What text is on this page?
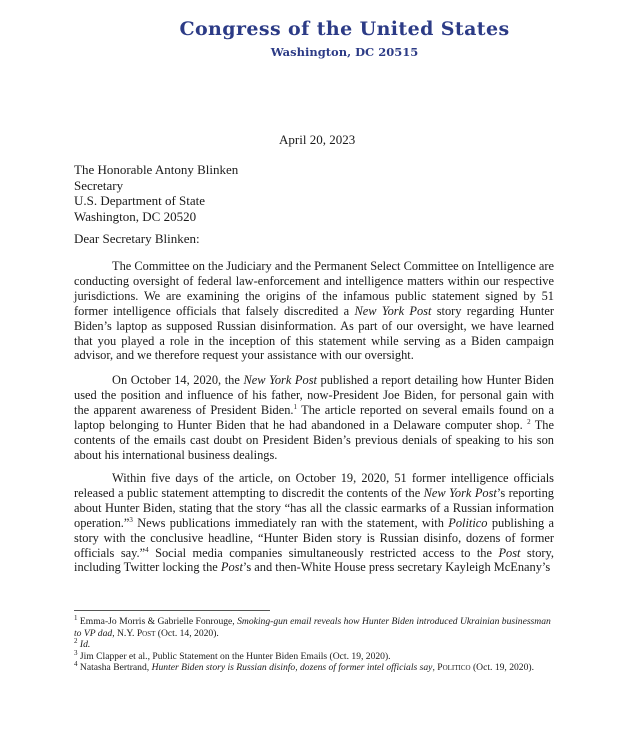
Congress of the United States
Washington, DC 20515
April 20, 2023
The Honorable Antony Blinken
Secretary
U.S. Department of State
Washington, DC 20520
Dear Secretary Blinken:

The Committee on the Judiciary and the Permanent Select Committee on Intelligence are conducting oversight of federal law-enforcement and intelligence matters within our respective jurisdictions. We are examining the origins of the infamous public statement signed by 51 former intelligence officials that falsely discredited a New York Post story regarding Hunter Biden’s laptop as supposed Russian disinformation. As part of our oversight, we have learned that you played a role in the inception of this statement while serving as a Biden campaign advisor, and we therefore request your assistance with our oversight.

On October 14, 2020, the New York Post published a report detailing how Hunter Biden used the position and influence of his father, now-President Joe Biden, for personal gain with the apparent awareness of President Biden.$^1$ The article reported on several emails found on a laptop belonging to Hunter Biden that he had abandoned in a Delaware computer shop. $^2$ The contents of the emails cast doubt on President Biden’s previous denials of speaking to his son about his international business dealings.

Within five days of the article, on October 19, 2020, 51 former intelligence officials released a public statement attempting to discredit the contents of the New York Post’s reporting about Hunter Biden, stating that the story “has all the classic earmarks of a Russian information operation.”$^3$ News publications immediately ran with the statement, with Politico publishing a story with the conclusive headline, “Hunter Biden story is Russian disinfo, dozens of former officials say.”$^4$ Social media companies simultaneously restricted access to the Post story, including Twitter locking the Post’s and then-White House press secretary Kayleigh McEnany’s

$^1$ Emma-Jo Morris & Gabrielle Fonrouge, Smoking-gun email reveals how Hunter Biden introduced Ukrainian businessman to VP dad, N.Y. Post (Oct. 14, 2020).

$^2$ Id.

$^3$ Jim Clapper et al., Public Statement on the Hunter Biden Emails (Oct. 19, 2020).

$^4$ Natasha Bertrand, Hunter Biden story is Russian disinfo, dozens of former intel officials say, Politico (Oct. 19, 2020).
